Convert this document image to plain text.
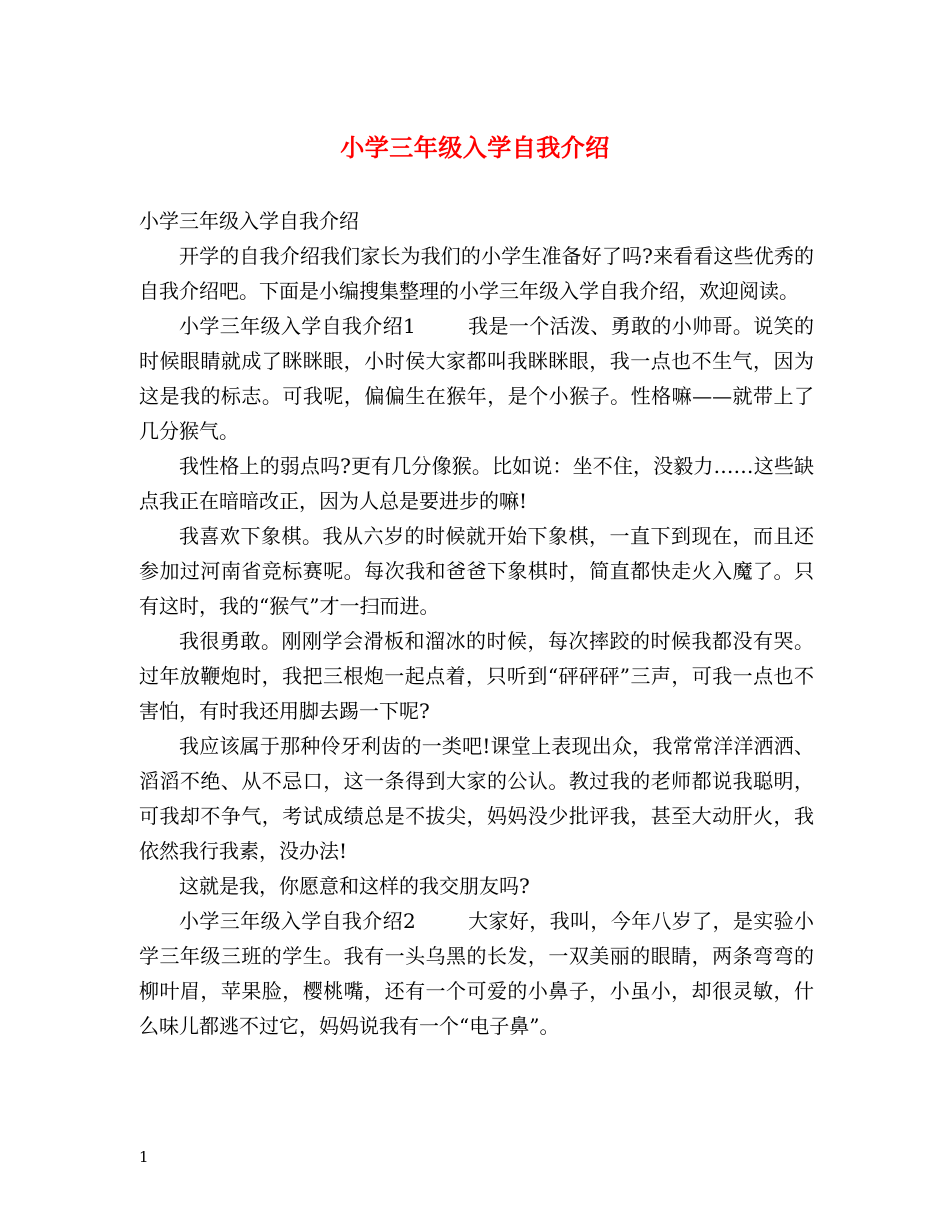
小学三年级入学自我介绍

小学三年级入学自我介绍

开学的自我介绍我们家长为我们的小学生准备好了吗?来看看这些优秀的自我介绍吧。下面是小编搜集整理的小学三年级入学自我介绍，欢迎阅读。

小学三年级入学自我介绍1	我是一个活泼、勇敢的小帅哥。说笑的时候眼睛就成了眯眯眼，小时侯大家都叫我眯眯眼，我一点也不生气，因为这是我的标志。可我呢，偏偏生在猴年，是个小猴子。性格嘛——就带上了几分猴气。

我性格上的弱点吗?更有几分像猴。比如说：坐不住，没毅力……这些缺点我正在暗暗改正，因为人总是要进步的嘛!

我喜欢下象棋。我从六岁的时候就开始下象棋，一直下到现在，而且还参加过河南省竞标赛呢。每次我和爸爸下象棋时，简直都快走火入魔了。只有这时，我的“猴气”才一扫而进。

我很勇敢。刚刚学会滑板和溜冰的时候，每次摔跤的时候我都没有哭。过年放鞭炮时，我把三根炮一起点着，只听到“砰砰砰”三声，可我一点也不害怕，有时我还用脚去踢一下呢?

我应该属于那种伶牙利齿的一类吧!课堂上表现出众，我常常洋洋洒洒、滔滔不绝、从不忌口，这一条得到大家的公认。教过我的老师都说我聪明，可我却不争气，考试成绩总是不拔尖，妈妈没少批评我，甚至大动肝火，我依然我行我素，没办法!

这就是我，你愿意和这样的我交朋友吗?

小学三年级入学自我介绍2	大家好，我叫，今年八岁了，是实验小学三年级三班的学生。我有一头乌黑的长发，一双美丽的眼睛，两条弯弯的柳叶眉，苹果脸，樱桃嘴，还有一个可爱的小鼻子，小虽小，却很灵敏，什么味儿都逃不过它，妈妈说我有一个“电子鼻”。

1
